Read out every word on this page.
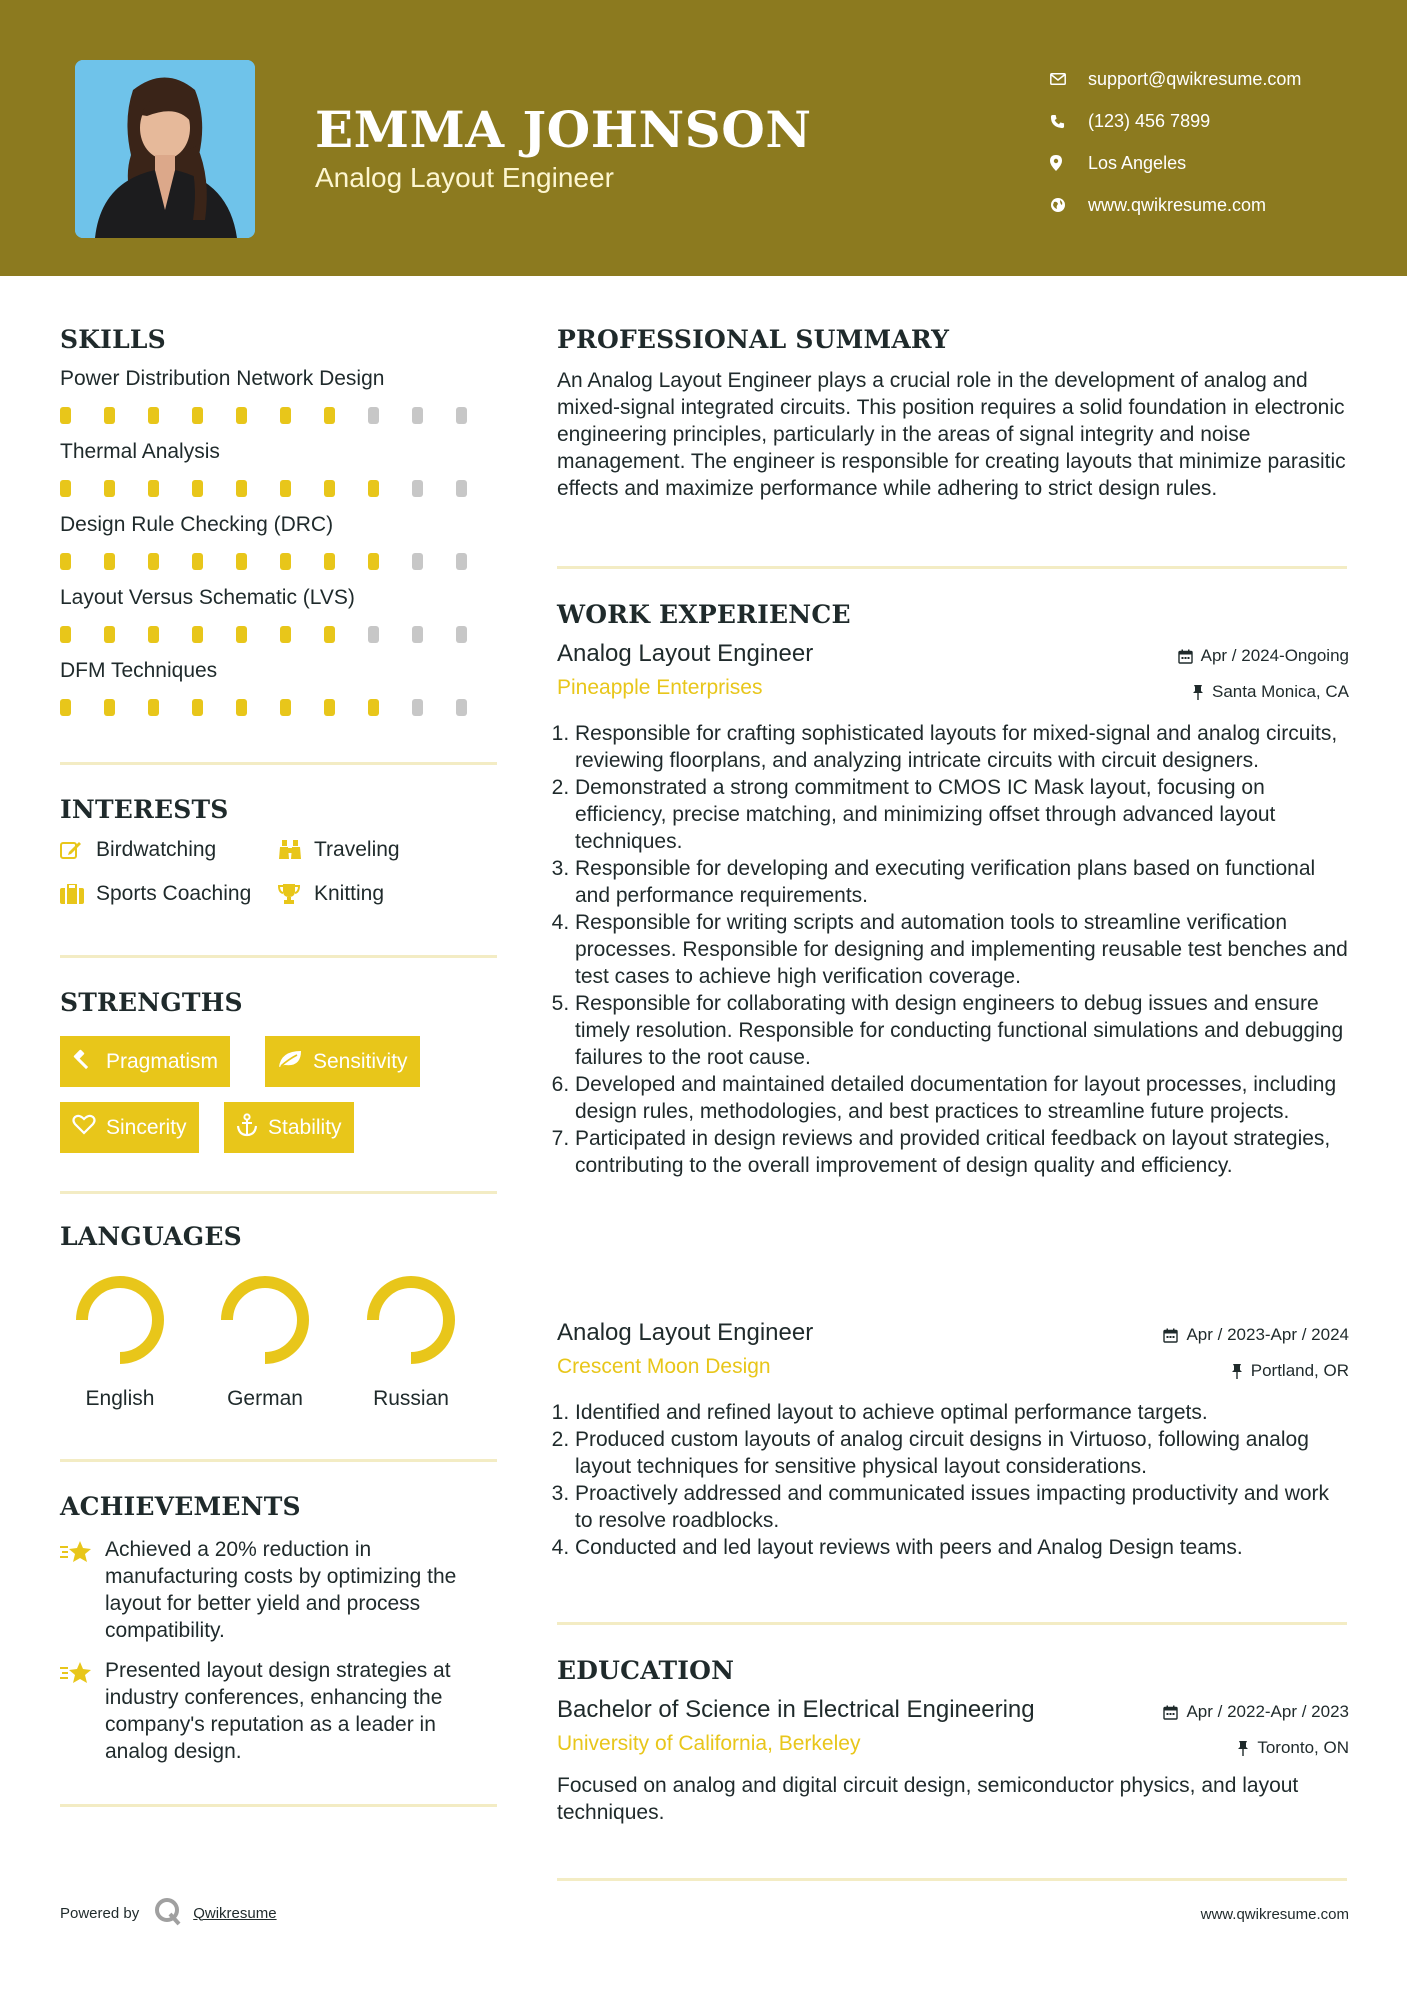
EMMA JOHNSON
Analog Layout Engineer
support@qwikresume.com
(123) 456 7899
Los Angeles
www.qwikresume.com
SKILLS
Power Distribution Network Design
Thermal Analysis
Design Rule Checking (DRC)
Layout Versus Schematic (LVS)
DFM Techniques
INTERESTS
Birdwatching	Traveling
Sports Coaching	Knitting
STRENGTHS
Pragmatism	Sensitivity
Sincerity	Stability
LANGUAGES
English	German	Russian
ACHIEVEMENTS
Achieved a 20% reduction in manufacturing costs by optimizing the layout for better yield and process compatibility.
Presented layout design strategies at industry conferences, enhancing the company's reputation as a leader in analog design.
PROFESSIONAL SUMMARY
An Analog Layout Engineer plays a crucial role in the development of analog and mixed-signal integrated circuits. This position requires a solid foundation in electronic engineering principles, particularly in the areas of signal integrity and noise management. The engineer is responsible for creating layouts that minimize parasitic effects and maximize performance while adhering to strict design rules.
WORK EXPERIENCE
Analog Layout Engineer	Apr / 2024-Ongoing
Pineapple Enterprises	Santa Monica, CA
1. Responsible for crafting sophisticated layouts for mixed-signal and analog circuits, reviewing floorplans, and analyzing intricate circuits with circuit designers.
2. Demonstrated a strong commitment to CMOS IC Mask layout, focusing on efficiency, precise matching, and minimizing offset through advanced layout techniques.
3. Responsible for developing and executing verification plans based on functional and performance requirements.
4. Responsible for writing scripts and automation tools to streamline verification processes. Responsible for designing and implementing reusable test benches and test cases to achieve high verification coverage.
5. Responsible for collaborating with design engineers to debug issues and ensure timely resolution. Responsible for conducting functional simulations and debugging failures to the root cause.
6. Developed and maintained detailed documentation for layout processes, including design rules, methodologies, and best practices to streamline future projects.
7. Participated in design reviews and provided critical feedback on layout strategies, contributing to the overall improvement of design quality and efficiency.
Analog Layout Engineer	Apr / 2023-Apr / 2024
Crescent Moon Design	Portland, OR
1. Identified and refined layout to achieve optimal performance targets.
2. Produced custom layouts of analog circuit designs in Virtuoso, following analog layout techniques for sensitive physical layout considerations.
3. Proactively addressed and communicated issues impacting productivity and work to resolve roadblocks.
4. Conducted and led layout reviews with peers and Analog Design teams.
EDUCATION
Bachelor of Science in Electrical Engineering	Apr / 2022-Apr / 2023
University of California, Berkeley	Toronto, ON
Focused on analog and digital circuit design, semiconductor physics, and layout techniques.
Powered by	Qwikresume	www.qwikresume.com
